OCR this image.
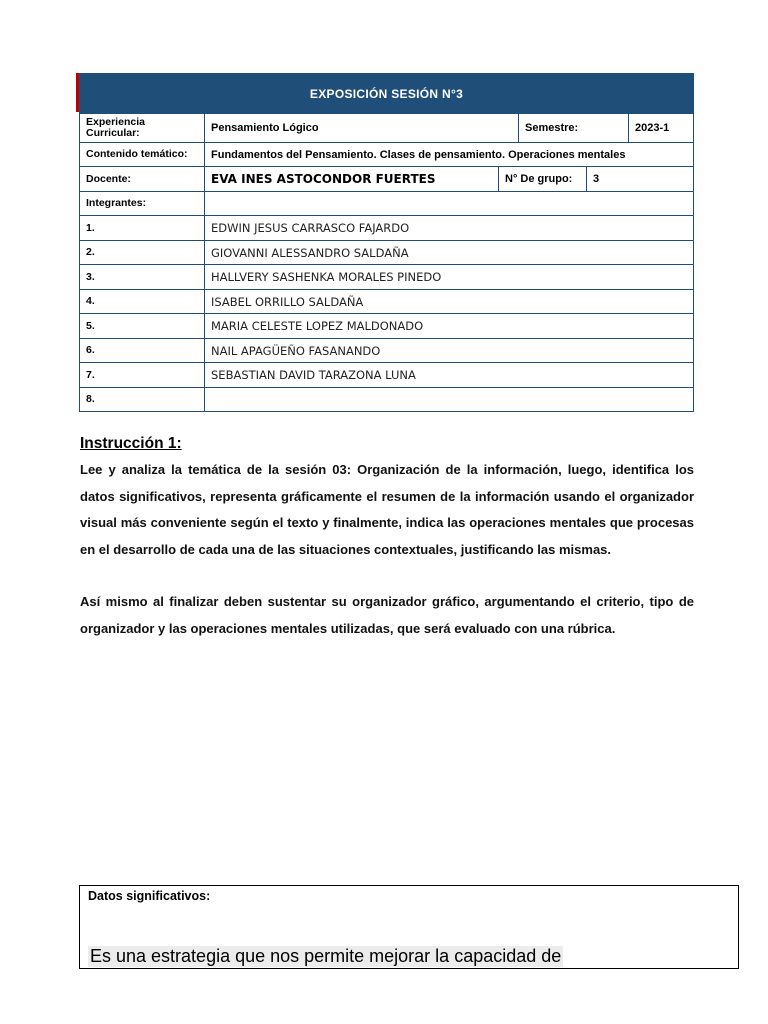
EXPOSICIÓN SESIÓN N°3
Experiencia Curricular:	Pensamiento Lógico	Semestre:	2023-1
Contenido temático:	Fundamentos del Pensamiento. Clases de pensamiento. Operaciones mentales
Docente:	EVA INES ASTOCONDOR FUERTES	N° De grupo:	3
Integrantes:
1.	EDWIN JESUS CARRASCO FAJARDO
2.	GIOVANNI ALESSANDRO SALDAÑA
3.	HALLVERY SASHENKA MORALES PINEDO
4.	ISABEL ORRILLO SALDAÑA
5.	MARIA CELESTE LOPEZ MALDONADO
6.	NAIL APAGÜEÑO FASANANDO
7.	SEBASTIAN DAVID TARAZONA LUNA
8.
Instrucción 1:

Lee y analiza la temática de la sesión 03: Organización de la información, luego, identifica los datos significativos, representa gráficamente el resumen de la información usando el organizador visual más conveniente según el texto y finalmente, indica las operaciones mentales que procesas en el desarrollo de cada una de las situaciones contextuales, justificando las mismas.

Así mismo al finalizar deben sustentar su organizador gráfico, argumentando el criterio, tipo de organizador y las operaciones mentales utilizadas, que será evaluado con una rúbrica.

Datos significativos:
Es una estrategia que nos permite mejorar la capacidad de
